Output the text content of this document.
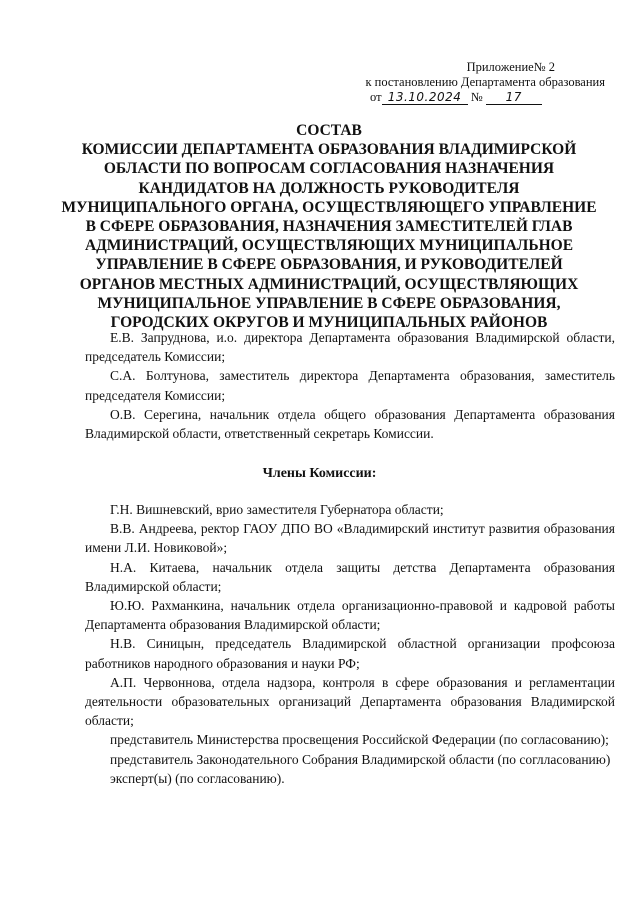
Приложение№ 2
к постановлению Департамента образования
от 13.10.2024 № 17
СОСТАВ
КОМИССИИ ДЕПАРТАМЕНТА ОБРАЗОВАНИЯ ВЛАДИМИРСКОЙ
ОБЛАСТИ ПО ВОПРОСАМ СОГЛАСОВАНИЯ НАЗНАЧЕНИЯ
КАНДИДАТОВ НА ДОЛЖНОСТЬ РУКОВОДИТЕЛЯ
МУНИЦИПАЛЬНОГО ОРГАНА, ОСУЩЕСТВЛЯЮЩЕГО УПРАВЛЕНИЕ
В СФЕРЕ ОБРАЗОВАНИЯ, НАЗНАЧЕНИЯ ЗАМЕСТИТЕЛЕЙ ГЛАВ
АДМИНИСТРАЦИЙ, ОСУЩЕСТВЛЯЮЩИХ МУНИЦИПАЛЬНОЕ
УПРАВЛЕНИЕ В СФЕРЕ ОБРАЗОВАНИЯ, И РУКОВОДИТЕЛЕЙ
ОРГАНОВ МЕСТНЫХ АДМИНИСТРАЦИЙ, ОСУЩЕСТВЛЯЮЩИХ
МУНИЦИПАЛЬНОЕ УПРАВЛЕНИЕ В СФЕРЕ ОБРАЗОВАНИЯ,
ГОРОДСКИХ ОКРУГОВ И МУНИЦИПАЛЬНЫХ РАЙОНОВ

Е.В. Запруднова, и.о. директора Департамента образования Владимирской области, председатель Комиссии;

С.А. Болтунова, заместитель директора Департамента образования, заместитель председателя Комиссии;

О.В. Серегина, начальник отдела общего образования Департамента образования Владимирской области, ответственный секретарь Комиссии.

Члены Комиссии:

Г.Н. Вишневский, врио заместителя Губернатора области;

В.В. Андреева, ректор ГАОУ ДПО ВО «Владимирский институт развития образования имени Л.И. Новиковой»;

Н.А. Китаева, начальник отдела защиты детства Департамента образования Владимирской области;

Ю.Ю. Рахманкина, начальник отдела организационно-правовой и кадровой работы Департамента образования Владимирской области;

Н.В. Синицын, председатель Владимирской областной организации профсоюза работников народного образования и науки РФ;

А.П. Червоннова, отдела надзора, контроля в сфере образования и регламентации деятельности образовательных организаций Департамента образования Владимирской области;

представитель Министерства просвещения Российской Федерации (по согласованию);

представитель Законодательного Собрания Владимирской области (по соглласованию)

эксперт(ы) (по согласованию).
